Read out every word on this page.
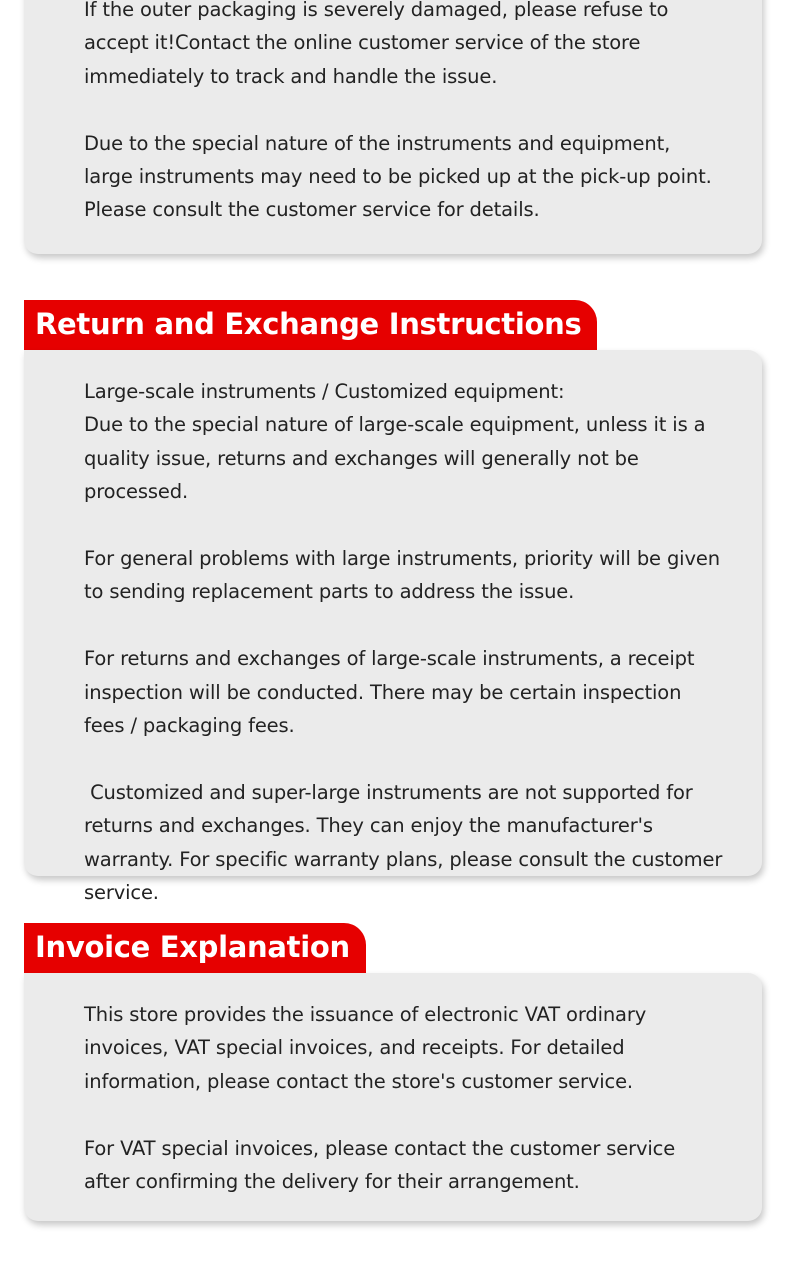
If the outer packaging is severely damaged, please refuse to accept it!Contact the online customer service of the store immediately to track and handle the issue.

Due to the special nature of the instruments and equipment, large instruments may need to be picked up at the pick-up point. Please consult the customer service for details.

Return and Exchange Instructions

Large-scale instruments / Customized equipment:

Due to the special nature of large-scale equipment, unless it is a quality issue, returns and exchanges will generally not be processed.

For general problems with large instruments, priority will be given to sending replacement parts to address the issue.

For returns and exchanges of large-scale instruments, a receipt inspection will be conducted. There may be certain inspection fees / packaging fees.

Customized and super-large instruments are not supported for returns and exchanges. They can enjoy the manufacturer's warranty. For specific warranty plans, please consult the customer service.

Invoice Explanation

This store provides the issuance of electronic VAT ordinary invoices, VAT special invoices, and receipts. For detailed information, please contact the store's customer service.

For VAT special invoices, please contact the customer service after confirming the delivery for their arrangement.
